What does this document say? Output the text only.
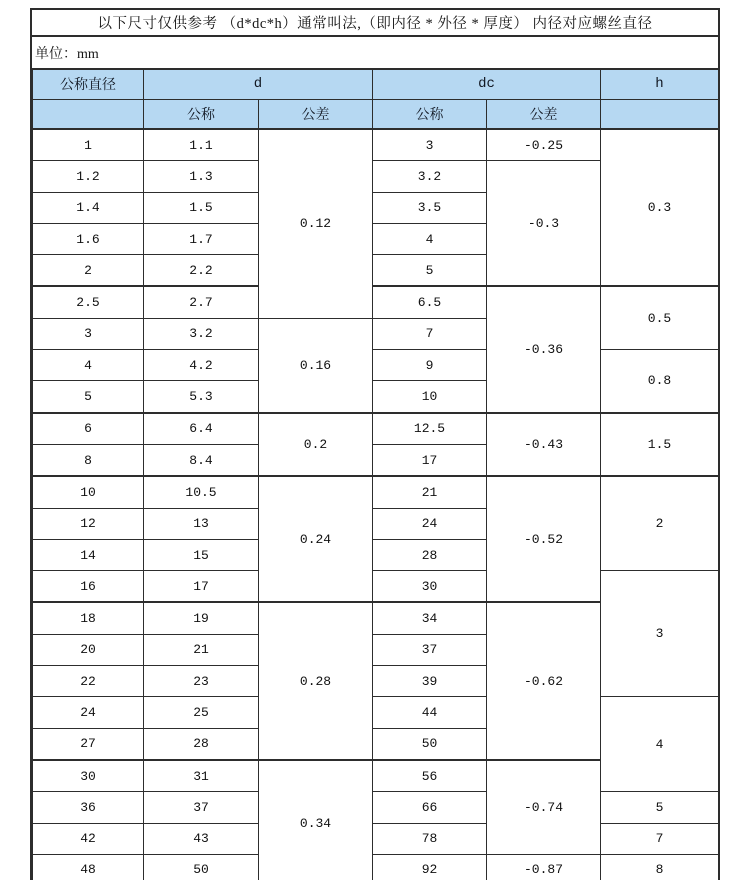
以下尺寸仅供参考 （d*dc*h）通常叫法,（即内径 * 外径 * 厚度） 内径对应螺丝直径
单位：mm
公称直径	d		dc		h
	公称	公差	公称	公差	
1	1.1	0.12	3	-0.25	0.3
1.2	1.3		3.2	-0.3	
1.4	1.5		3.5		
1.6	1.7		4		
2	2.2		5		
2.5	2.7		6.5	-0.36	0.5
3	3.2	0.16	7		
4	4.2		9		0.8
5	5.3		10		
6	6.4	0.2	12.5	-0.43	1.5
8	8.4		17		
10	10.5	0.24	21	-0.52	2
12	13		24		
14	15		28		
16	17		30		3
18	19	0.28	34	-0.62	
20	21		37		
22	23		39		
24	25		44		4
27	28		50		
30	31	0.34	56	-0.74	
36	37		66		5
42	43		78		7
48	50		92	-0.87	8
